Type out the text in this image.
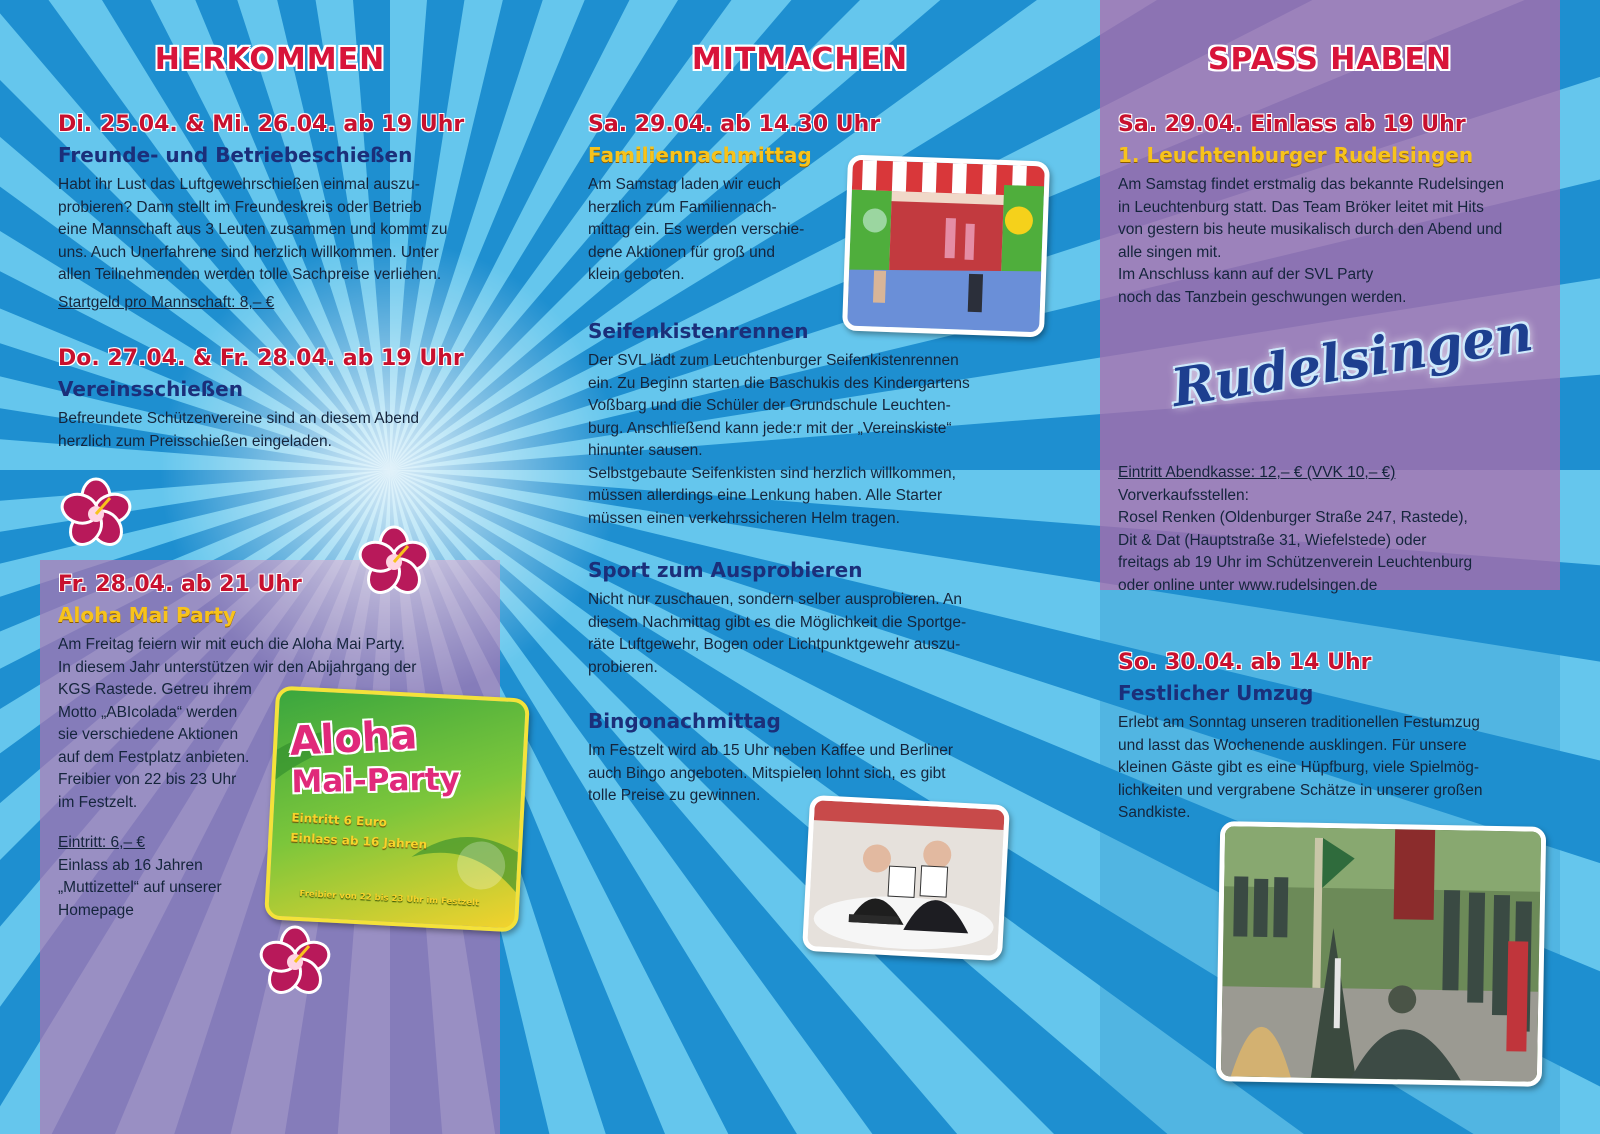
HERKOMMEN
Di. 25.04. & Mi. 26.04. ab 19 Uhr
Freunde- und Betriebeschießen
Habt ihr Lust das Luftgewehrschießen einmal auszu-
probieren? Dann stellt im Freundeskreis oder Betrieb
eine Mannschaft aus 3 Leuten zusammen und kommt zu
uns. Auch Unerfahrene sind herzlich willkommen. Unter
allen Teilnehmenden werden tolle Sachpreise verliehen.
Startgeld pro Mannschaft: 8,– €
Do. 27.04. & Fr. 28.04. ab 19 Uhr
Vereinsschießen
Befreundete Schützenvereine sind an diesem Abend
herzlich zum Preisschießen eingeladen.
Fr. 28.04. ab 21 Uhr
Aloha Mai Party
Am Freitag feiern wir mit euch die Aloha Mai Party.
In diesem Jahr unterstützen wir den Abijahrgang der
KGS Rastede. Getreu ihrem
Motto „ABIcolada“ werden
sie verschiedene Aktionen
auf dem Festplatz anbieten.
Freibier von 22 bis 23 Uhr
im Festzelt.
Eintritt: 6,– €
Einlass ab 16 Jahren
„Muttizettel“ auf unserer
Homepage
Aloha
Mai-Party
Eintritt 6 Euro
Einlass ab 16 Jahren
Freibier von 22 bis 23 Uhr im Festzelt
MITMACHEN
Sa. 29.04. ab 14.30 Uhr
Familiennachmittag
Am Samstag laden wir euch
herzlich zum Familiennach-
mittag ein. Es werden verschie-
dene Aktionen für groß und
klein geboten.
Seifenkistenrennen
Der SVL lädt zum Leuchtenburger Seifenkistenrennen
ein. Zu Beginn starten die Baschukis des Kindergartens
Voßbarg und die Schüler der Grundschule Leuchten-
burg. Anschließend kann jede:r mit der „Vereinskiste“
hinunter sausen.
Selbstgebaute Seifenkisten sind herzlich willkommen,
müssen allerdings eine Lenkung haben. Alle Starter
müssen einen verkehrssicheren Helm tragen.
Sport zum Ausprobieren
Nicht nur zuschauen, sondern selber ausprobieren. An
diesem Nachmittag gibt es die Möglichkeit die Sportge-
räte Luftgewehr, Bogen oder Lichtpunktgewehr auszu-
probieren.
Bingonachmittag
Im Festzelt wird ab 15 Uhr neben Kaffee und Berliner
auch Bingo angeboten. Mitspielen lohnt sich, es gibt
tolle Preise zu gewinnen.
SPASS HABEN
Sa. 29.04. Einlass ab 19 Uhr
1. Leuchtenburger Rudelsingen
Am Samstag findet erstmalig das bekannte Rudelsingen
in Leuchtenburg statt. Das Team Bröker leitet mit Hits
von gestern bis heute musikalisch durch den Abend und
alle singen mit.
Im Anschluss kann auf der SVL Party
noch das Tanzbein geschwungen werden.
Rudelsingen
Eintritt Abendkasse: 12,– € (VVK 10,– €)
Vorverkaufsstellen:
Rosel Renken (Oldenburger Straße 247, Rastede),
Dit & Dat (Hauptstraße 31, Wiefelstede) oder
freitags ab 19 Uhr im Schützenverein Leuchtenburg
oder online unter www.rudelsingen.de
So. 30.04. ab 14 Uhr
Festlicher Umzug
Erlebt am Sonntag unseren traditionellen Festumzug
und lasst das Wochenende ausklingen. Für unsere
kleinen Gäste gibt es eine Hüpfburg, viele Spielmög-
lichkeiten und vergrabene Schätze in unserer großen
Sandkiste.
